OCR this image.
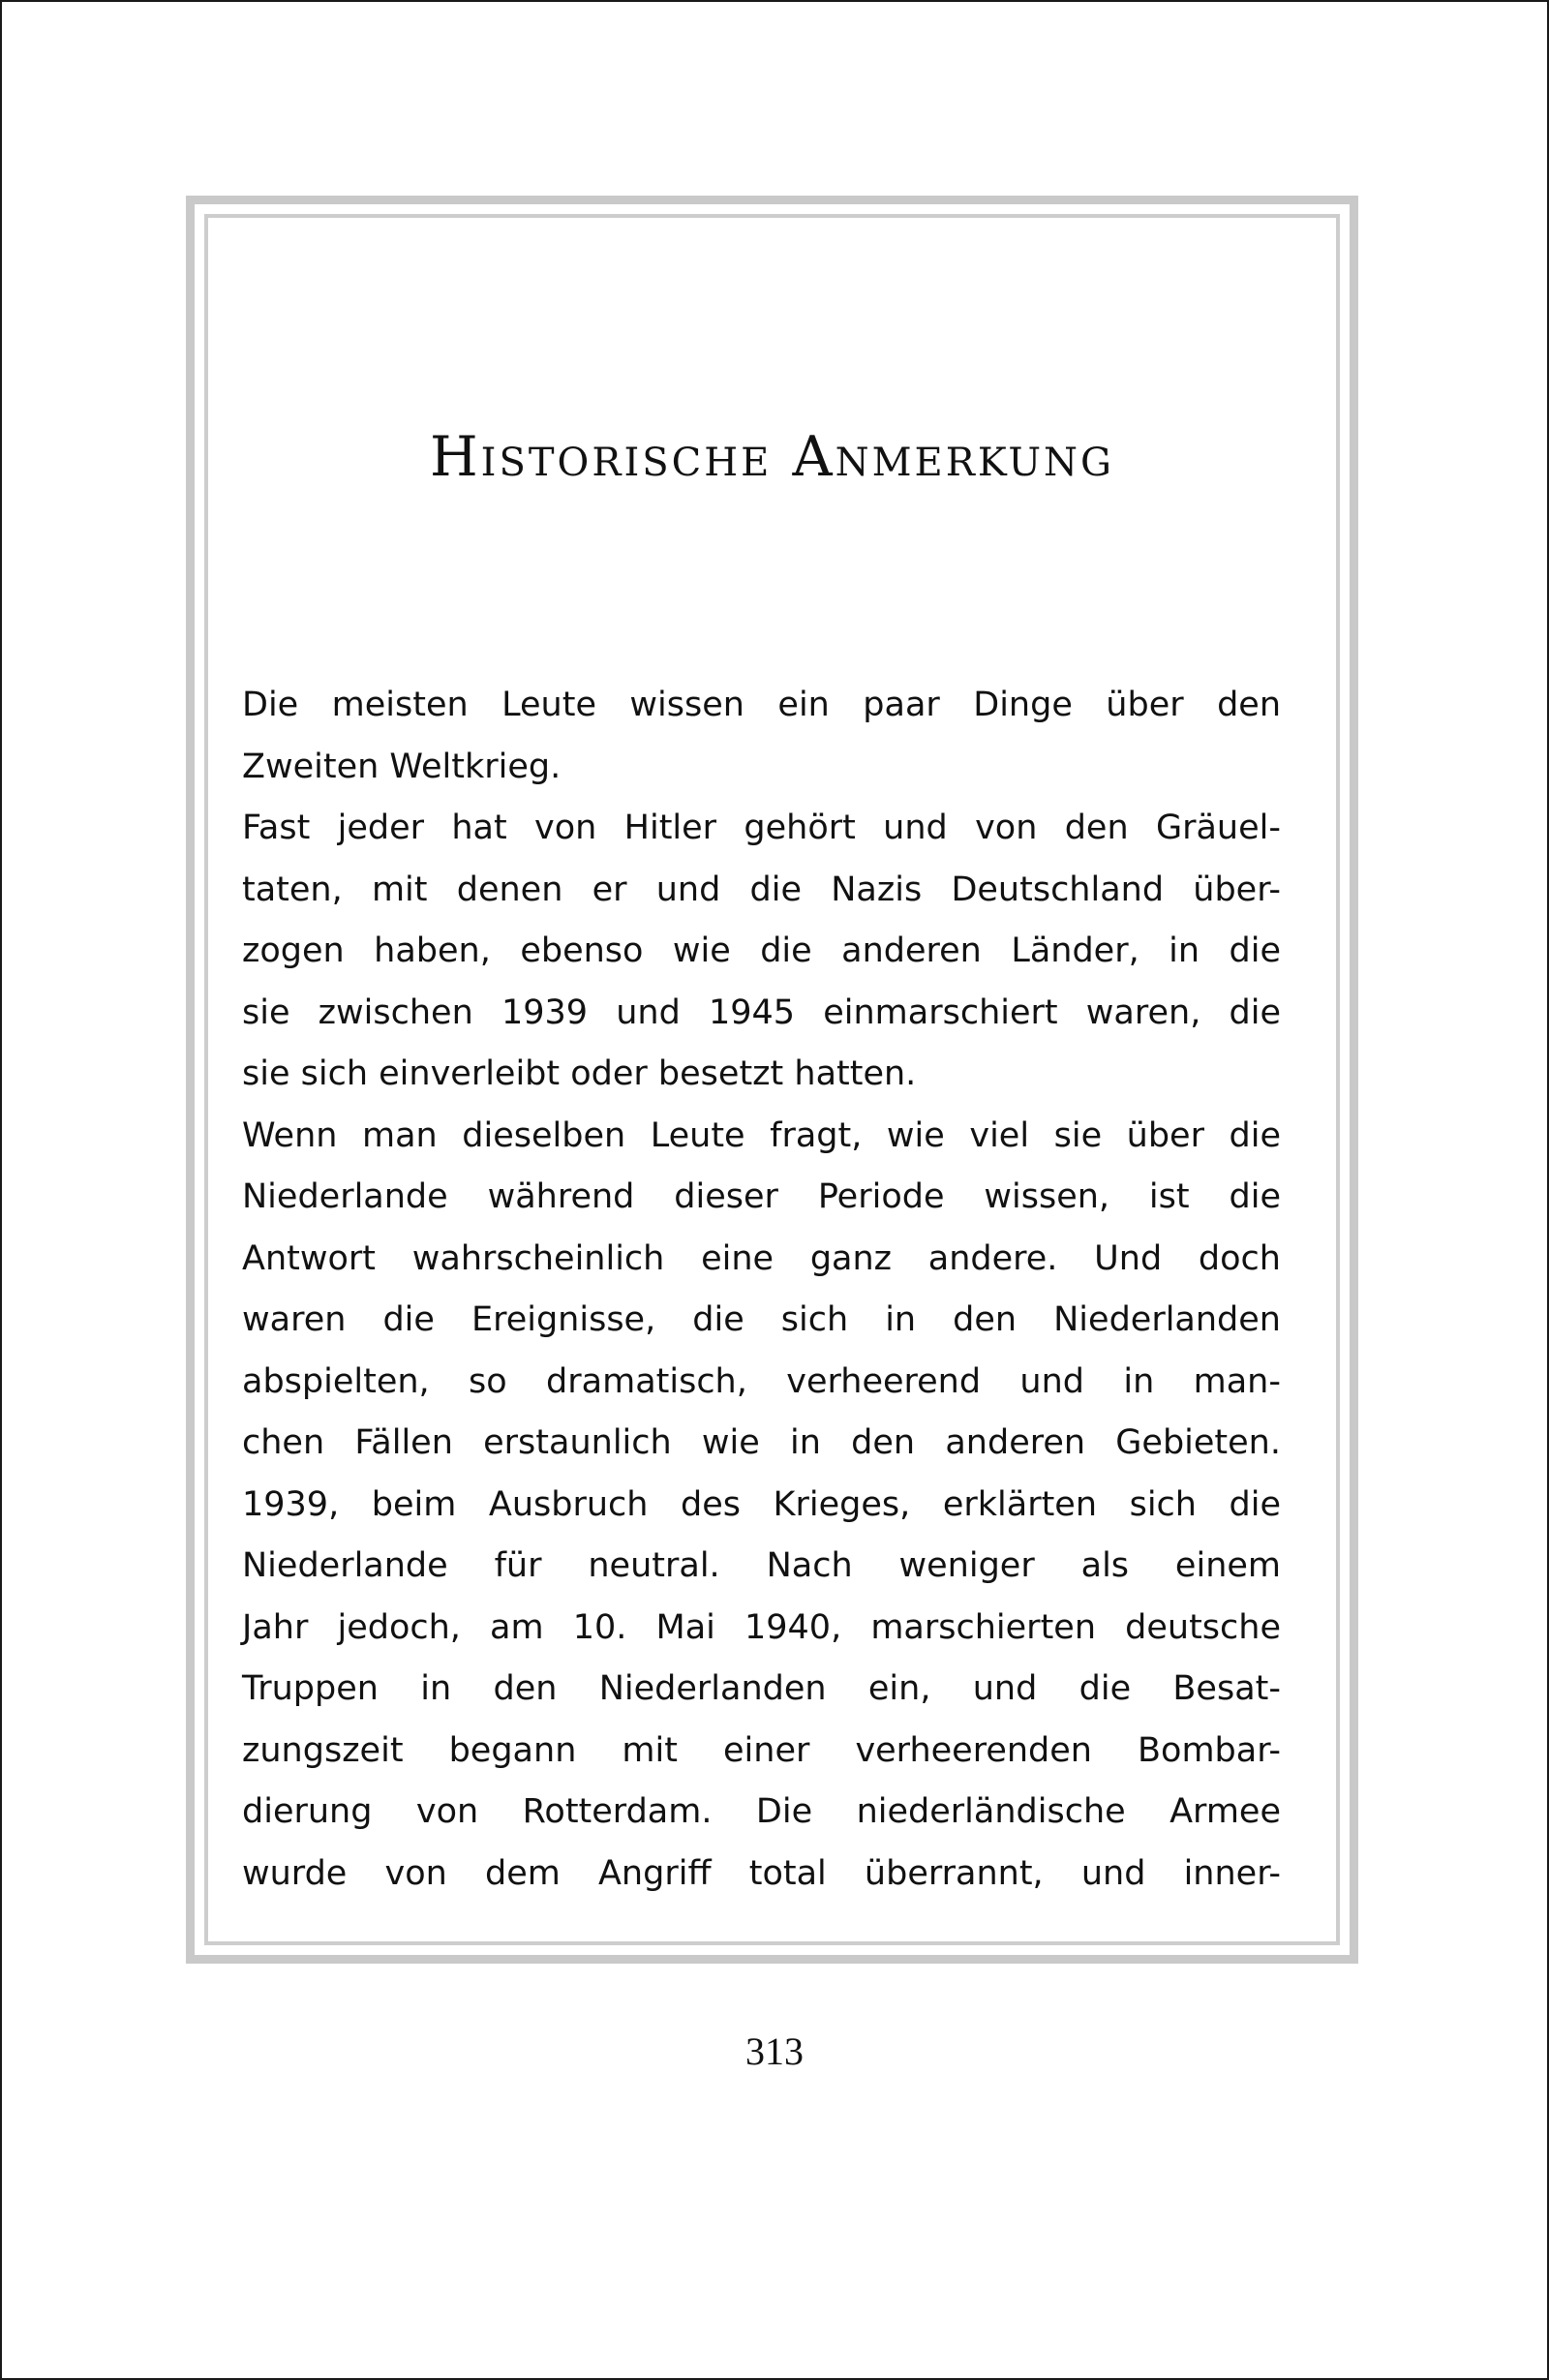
Historische Anmerkung
Die meisten Leute wissen ein paar Dinge über den
Zweiten Weltkrieg.
Fast jeder hat von Hitler gehört und von den Gräuel-
taten, mit denen er und die Nazis Deutschland über-
zogen haben, ebenso wie die anderen Länder, in die
sie zwischen 1939 und 1945 einmarschiert waren, die
sie sich einverleibt oder besetzt hatten.
Wenn man dieselben Leute fragt, wie viel sie über die
Niederlande während dieser Periode wissen, ist die
Antwort wahrscheinlich eine ganz andere. Und doch
waren die Ereignisse, die sich in den Niederlanden
abspielten, so dramatisch, verheerend und in man-
chen Fällen erstaunlich wie in den anderen Gebieten.
1939, beim Ausbruch des Krieges, erklärten sich die
Niederlande für neutral. Nach weniger als einem
Jahr jedoch, am 10. Mai 1940, marschierten deutsche
Truppen in den Niederlanden ein, und die Besat-
zungszeit begann mit einer verheerenden Bombar-
dierung von Rotterdam. Die niederländische Armee
wurde von dem Angriff total überrannt, und inner-
313
